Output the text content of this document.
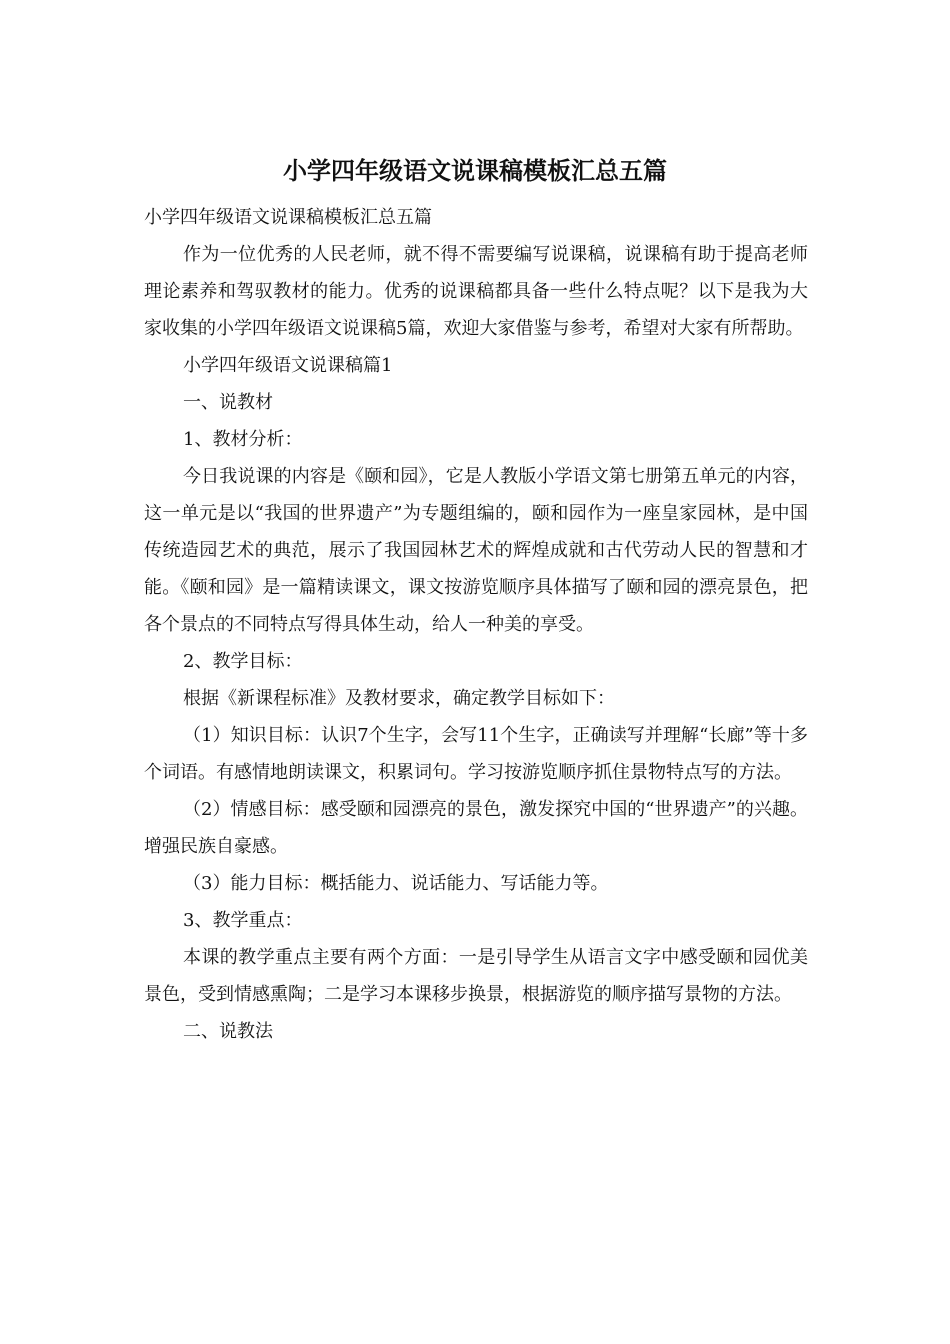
小学四年级语文说课稿模板汇总五篇

小学四年级语文说课稿模板汇总五篇

作为一位优秀的人民老师，就不得不需要编写说课稿，说课稿有助于提高老师理论素养和驾驭教材的能力。优秀的说课稿都具备一些什么特点呢？以下是我为大家收集的小学四年级语文说课稿5篇，欢迎大家借鉴与参考，希望对大家有所帮助。

小学四年级语文说课稿篇1

一、说教材

1、教材分析：

今日我说课的内容是《颐和园》，它是人教版小学语文第七册第五单元的内容，这一单元是以“我国的世界遗产”为专题组编的，颐和园作为一座皇家园林，是中国传统造园艺术的典范，展示了我国园林艺术的辉煌成就和古代劳动人民的智慧和才能。《颐和园》是一篇精读课文，课文按游览顺序具体描写了颐和园的漂亮景色，把各个景点的不同特点写得具体生动，给人一种美的享受。

2、教学目标：

根据《新课程标准》及教材要求，确定教学目标如下：

（1）知识目标：认识7个生字，会写11个生字，正确读写并理解“长廊”等十多个词语。有感情地朗读课文，积累词句。学习按游览顺序抓住景物特点写的方法。

（2）情感目标：感受颐和园漂亮的景色，激发探究中国的“世界遗产”的兴趣。增强民族自豪感。

（3）能力目标：概括能力、说话能力、写话能力等。

3、教学重点：

本课的教学重点主要有两个方面：一是引导学生从语言文字中感受颐和园优美景色，受到情感熏陶；二是学习本课移步换景，根据游览的顺序描写景物的方法。

二、说教法
